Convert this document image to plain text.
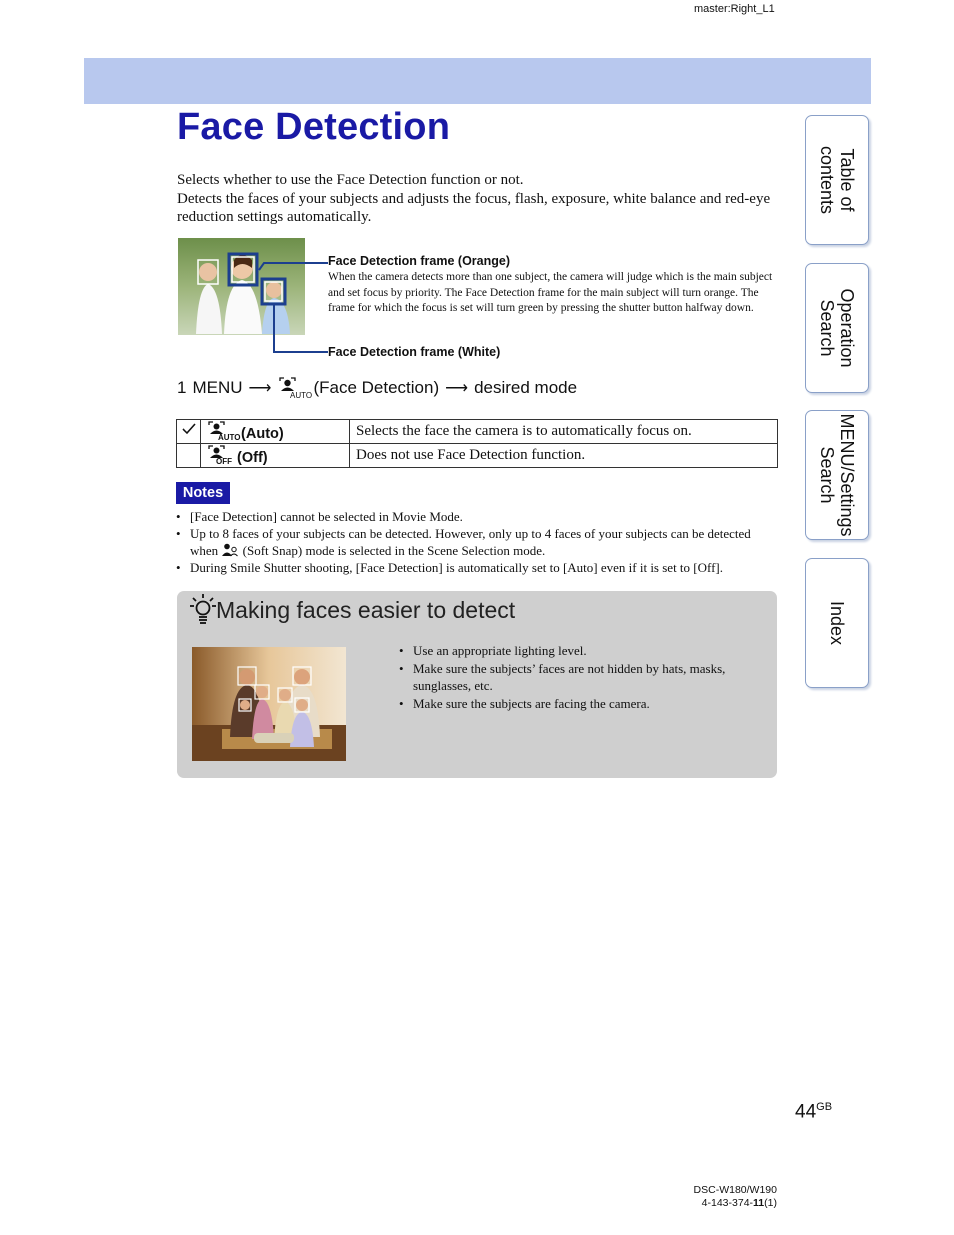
master:Right_L1
Face Detection
Selects whether to use the Face Detection function or not.
Detects the faces of your subjects and adjusts the focus, flash, exposure, white balance and red-eye reduction settings automatically.
Face Detection frame (Orange)
When the camera detects more than one subject, the camera will judge which is the main subject and set focus by priority. The Face Detection frame for the main subject will turn orange. The frame for which the focus is set will turn green by pressing the shutter button halfway down.
Face Detection frame (White)
1 MENU ⟶ AUTO (Face Detection) ⟶ desired mode

AUTO (Auto)	Selects the face the camera is to automatically focus on.

OFF (Off)	Does not use Face Detection function.
Notes
• [Face Detection] cannot be selected in Movie Mode.
• Up to 8 faces of your subjects can be detected. However, only up to 4 faces of your subjects can be detected when (Soft Snap) mode is selected in the Scene Selection mode.
• During Smile Shutter shooting, [Face Detection] is automatically set to [Auto] even if it is set to [Off].
Making faces easier to detect
• Use an appropriate lighting level.
• Make sure the subjects’ faces are not hidden by hats, masks, sunglasses, etc.
• Make sure the subjects are facing the camera.
Table of
contents
Operation
Search
MENU/Settings
Search
Index
$44^{GB}$
DSC-W180/W190
4-143-374-11(1)
